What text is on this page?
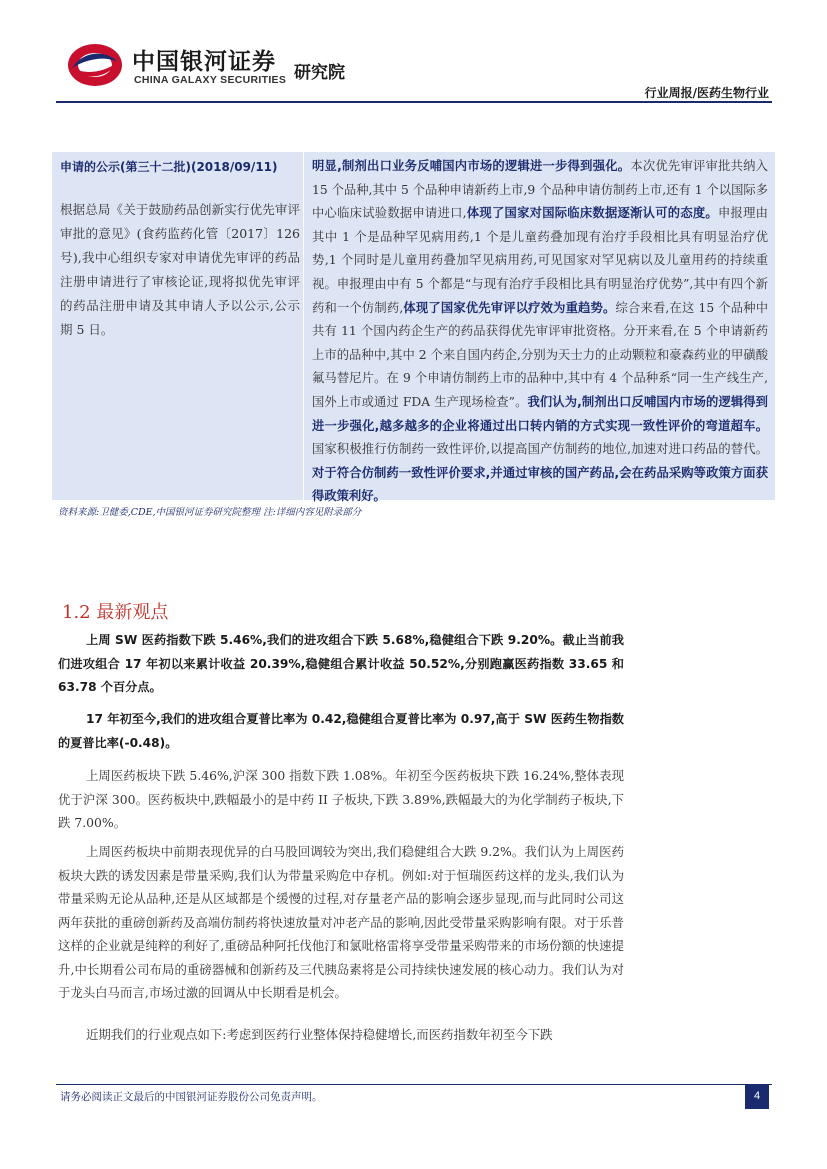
中国银河证券
CHINA GALAXY SECURITIES 研究院
行业周报/医药生物行业
申请的公示(第三十二批)(2018/09/11)
根据总局《关于鼓励药品创新实行优先审评审批的意见》(食药监药化管〔2017〕126 号),我中心组织专家对申请优先审评的药品注册申请进行了审核论证,现将拟优先审评的药品注册申请及其申请人予以公示,公示期 5 日。
明显,制剂出口业务反哺国内市场的逻辑进一步得到强化。本次优先审评审批共纳入 15 个品种,其中 5 个品种申请新药上市,9 个品种申请仿制药上市,还有 1 个以国际多中心临床试验数据申请进口,体现了国家对国际临床数据逐渐认可的态度。申报理由其中 1 个是品种罕见病用药,1 个是儿童药叠加现有治疗手段相比具有明显治疗优势,1 个同时是儿童用药叠加罕见病用药,可见国家对罕见病以及儿童用药的持续重视。申报理由中有 5 个都是“与现有治疗手段相比具有明显治疗优势”,其中有四个新药和一个仿制药,体现了国家优先审评以疗效为重趋势。综合来看,在这 15 个品种中共有 11 个国内药企生产的药品获得优先审评审批资格。分开来看,在 5 个申请新药上市的品种中,其中 2 个来自国内药企,分别为天士力的止动颗粒和豪森药业的甲磺酸氟马替尼片。在 9 个申请仿制药上市的品种中,其中有 4 个品种系“同一生产线生产,国外上市或通过 FDA 生产现场检查”。我们认为,制剂出口反哺国内市场的逻辑得到进一步强化,越多越多的企业将通过出口转内销的方式实现一致性评价的弯道超车。国家积极推行仿制药一致性评价,以提高国产仿制药的地位,加速对进口药品的替代。对于符合仿制药一致性评价要求,并通过审核的国产药品,会在药品采购等政策方面获得政策利好。
资料来源:卫健委,CDE,中国银河证券研究院整理 注:详细内容见附录部分
1.2 最新观点
上周 SW 医药指数下跌 5.46%,我们的进攻组合下跌 5.68%,稳健组合下跌 9.20%。截止当前我们进攻组合 17 年初以来累计收益 20.39%,稳健组合累计收益 50.52%,分别跑赢医药指数 33.65 和 63.78 个百分点。
17 年初至今,我们的进攻组合夏普比率为 0.42,稳健组合夏普比率为 0.97,高于 SW 医药生物指数的夏普比率(-0.48)。
上周医药板块下跌 5.46%,沪深 300 指数下跌 1.08%。年初至今医药板块下跌 16.24%,整体表现优于沪深 300。医药板块中,跌幅最小的是中药 II 子板块,下跌 3.89%,跌幅最大的为化学制药子板块,下跌 7.00%。
上周医药板块中前期表现优异的白马股回调较为突出,我们稳健组合大跌 9.2%。我们认为上周医药板块大跌的诱发因素是带量采购,我们认为带量采购危中存机。例如:对于恒瑞医药这样的龙头,我们认为带量采购无论从品种,还是从区域都是个缓慢的过程,对存量老产品的影响会逐步显现,而与此同时公司这两年获批的重磅创新药及高端仿制药将快速放量对冲老产品的影响,因此受带量采购影响有限。对于乐普这样的企业就是纯粹的利好了,重磅品种阿托伐他汀和氯吡格雷将享受带量采购带来的市场份额的快速提升,中长期看公司布局的重磅器械和创新药及三代胰岛素将是公司持续快速发展的核心动力。我们认为对于龙头白马而言,市场过激的回调从中长期看是机会。
近期我们的行业观点如下:考虑到医药行业整体保持稳健增长,而医药指数年初至今下跌
请务必阅读正文最后的中国银河证券股份公司免责声明。	4
